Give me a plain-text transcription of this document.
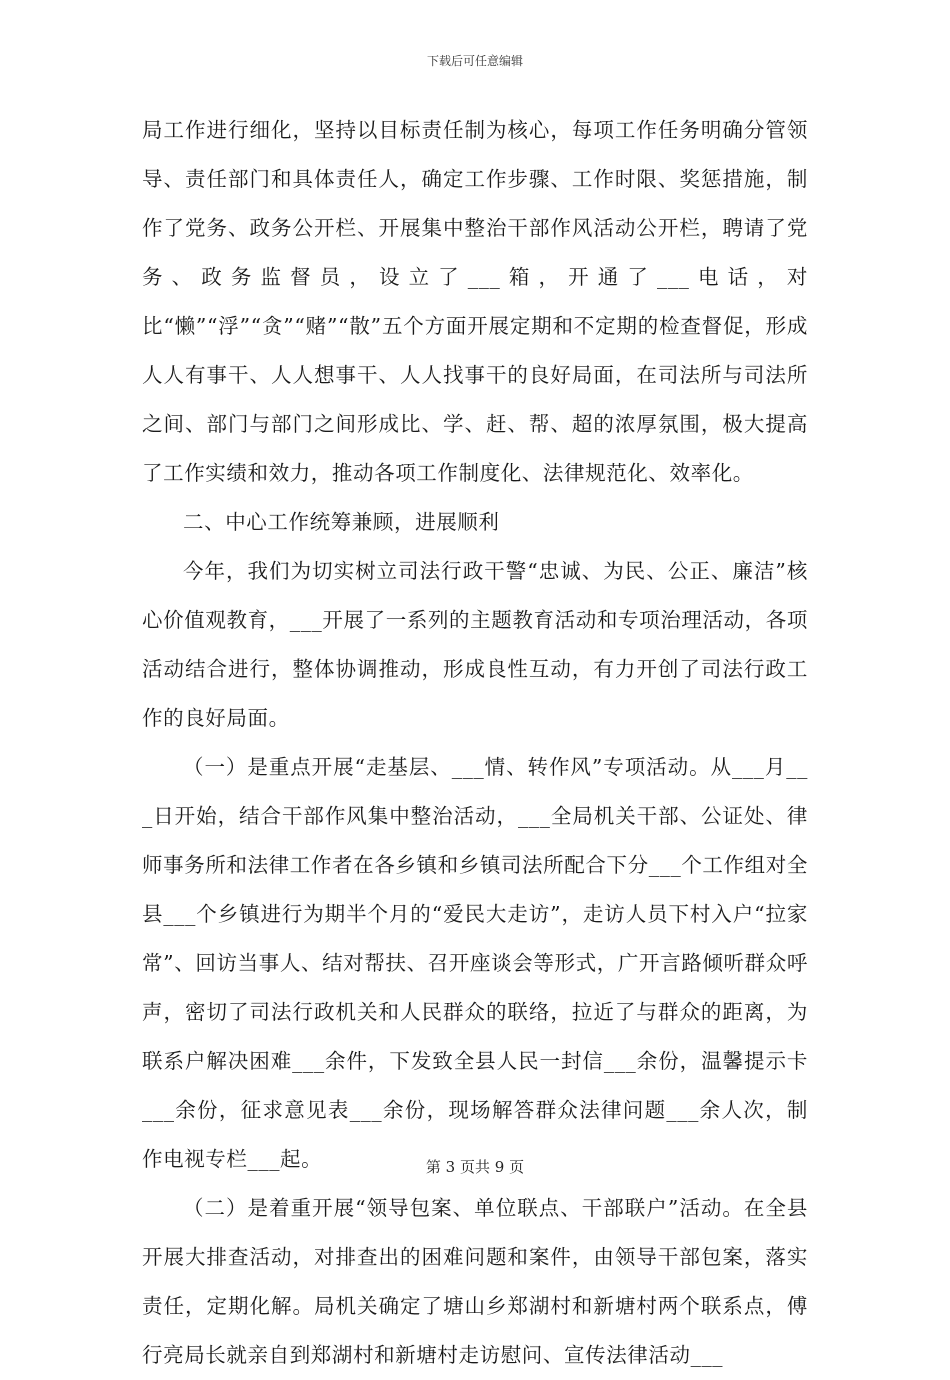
下载后可任意编辑

局工作进行细化，坚持以目标责任制为核心，每项工作任务明确分管领导、责任部门和具体责任人，确定工作步骤、工作时限、奖惩措施，制作了党务、政务公开栏、开展集中整治干部作风活动公开栏，聘请了党务、政务监督员，设立了___箱，开通了___电话，对比“懒”“浮”“贪”“赌”“散”五个方面开展定期和不定期的检查督促，形成人人有事干、人人想事干、人人找事干的良好局面，在司法所与司法所之间、部门与部门之间形成比、学、赶、帮、超的浓厚氛围，极大提高了工作实绩和效力，推动各项工作制度化、法律规范化、效率化。

二、中心工作统筹兼顾，进展顺利

今年，我们为切实树立司法行政干警“忠诚、为民、公正、廉洁”核心价值观教育，___开展了一系列的主题教育活动和专项治理活动，各项活动结合进行，整体协调推动，形成良性互动，有力开创了司法行政工作的良好局面。

（一）是重点开展“走基层、___情、转作风”专项活动。从___月___日开始，结合干部作风集中整治活动，___全局机关干部、公证处、律师事务所和法律工作者在各乡镇和乡镇司法所配合下分___个工作组对全县___个乡镇进行为期半个月的“爱民大走访”，走访人员下村入户“拉家常”、回访当事人、结对帮扶、召开座谈会等形式，广开言路倾听群众呼声，密切了司法行政机关和人民群众的联络，拉近了与群众的距离，为联系户解决困难___余件，下发致全县人民一封信___余份，温馨提示卡___余份，征求意见表___余份，现场解答群众法律问题___余人次，制作电视专栏___起。

（二）是着重开展“领导包案、单位联点、干部联户”活动。在全县开展大排查活动，对排查出的困难问题和案件，由领导干部包案，落实责任，定期化解。局机关确定了塘山乡郑湖村和新塘村两个联系点，傅行亮局长就亲自到郑湖村和新塘村走访慰问、宣传法律活动___

第 3 页共 9 页
